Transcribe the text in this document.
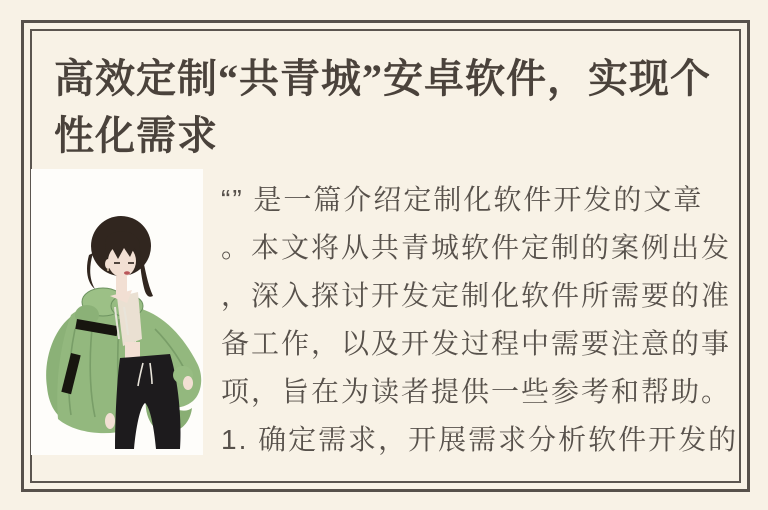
高效定制“共青城”安卓软件，实现个
性化需求
“” 是一篇介绍定制化软件开发的文章
。本文将从共青城软件定制的案例出发
，深入探讨开发定制化软件所需要的准
备工作，以及开发过程中需要注意的事
项，旨在为读者提供一些参考和帮助。
1. 确定需求，开展需求分析软件开发的
